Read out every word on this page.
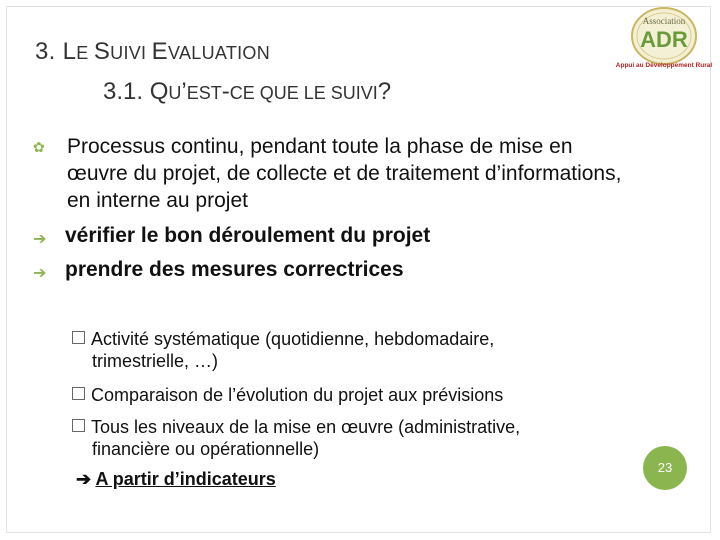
3. LE SUIVI EVALUATION
3.1. QU’EST-CE QUE LE SUIVI?
Association
ADR
Appui au Développement Rural
✿ Processus continu, pendant toute la phase de mise en œuvre du projet, de collecte et de traitement d’informations, en interne au projet
➔ vérifier le bon déroulement du projet
➔ prendre des mesures correctrices
Activité systématique (quotidienne, hebdomadaire,
trimestrielle, …)
Comparaison de l’évolution du projet aux prévisions
Tous les niveaux de la mise en œuvre (administrative,
financière ou opérationnelle)
➔ A partir d’indicateurs
23
